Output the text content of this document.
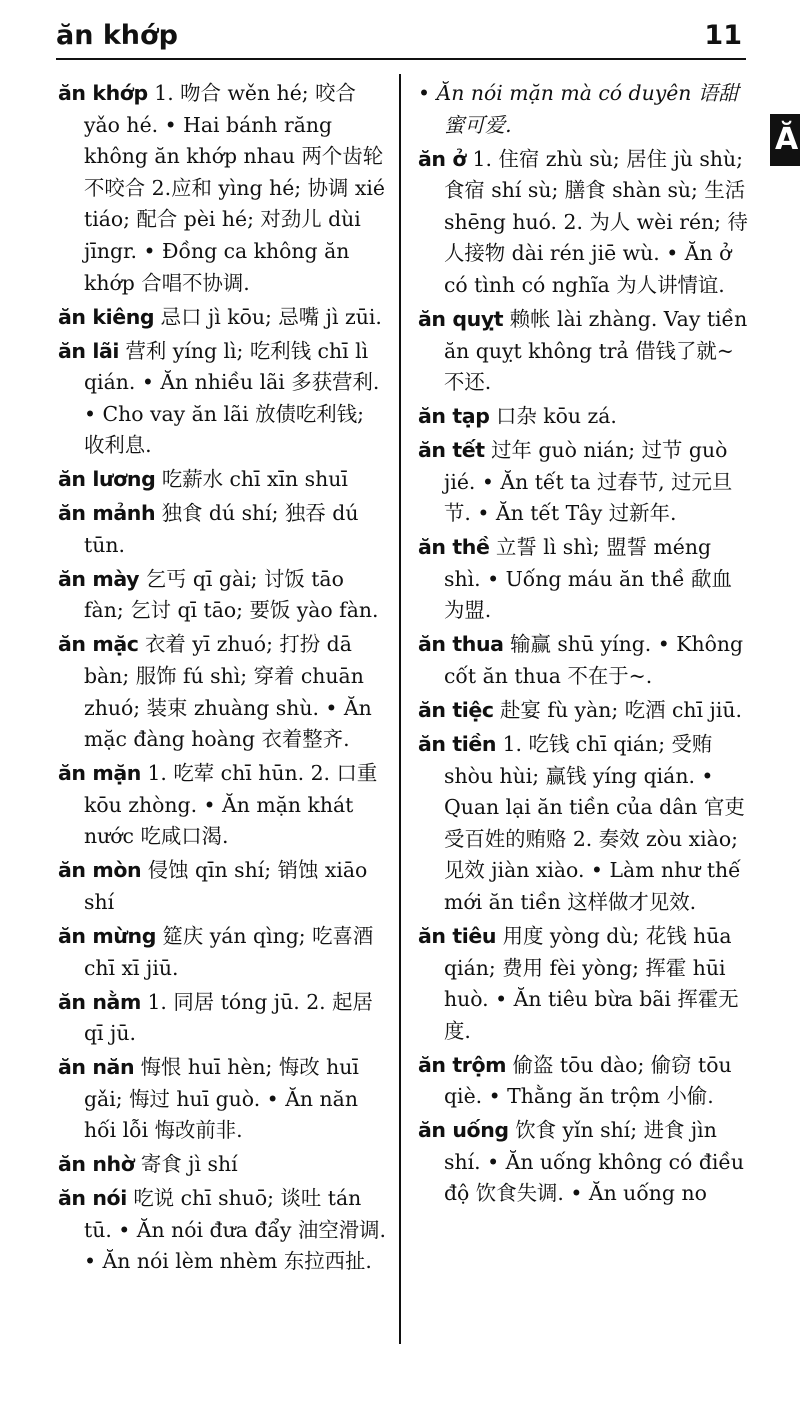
ăn khớp	11
ăn khớp 1. 吻合 wěn hé; 咬合 yǎo hé. • Hai bánh răng không ăn khớp nhau 两个齿轮不咬合 2.应和 yìng hé; 协调 xié tiáo; 配合 pèi hé; 对劲儿 dùi jīngr. • Đồng ca không ăn khớp 合唱不协调.
ăn kiêng 忌口 jì kōu; 忌嘴 jì zūi.
ăn lãi 营利 yíng lì; 吃利钱 chī lì qián. • Ăn nhiều lãi 多获营利. • Cho vay ăn lãi 放债吃利钱; 收利息.
ăn lương 吃薪水 chī xīn shuī
ăn mảnh 独食 dú shí; 独吞 dú tūn.
ăn mày 乞丐 qī gài; 讨饭 tāo fàn; 乞讨 qī tāo; 要饭 yào fàn.
ăn mặc 衣着 yī zhuó; 打扮 dā bàn; 服饰 fú shì; 穿着 chuān zhuó; 装束 zhuàng shù. • Ăn mặc đàng hoàng 衣着整齐.
ăn mặn 1. 吃荤 chī hūn. 2. 口重 kōu zhòng. • Ăn mặn khát nước 吃咸口渴.
ăn mòn 侵蚀 qīn shí; 销蚀 xiāo shí
ăn mừng 筵庆 yán qìng; 吃喜酒 chī xī jiū.
ăn nằm 1. 同居 tóng jū. 2. 起居 qī jū.
ăn năn 悔恨 huī hèn; 悔改 huī gǎi; 悔过 huī guò. • Ăn năn hối lỗi 悔改前非.
ăn nhờ 寄食 jì shí
ăn nói 吃说 chī shuō; 谈吐 tán tū. • Ăn nói đưa đẩy 油空滑调. • Ăn nói lèm nhèm 东拉西扯.
• Ăn nói mặn mà có duyên 语甜蜜可爱.
ăn ở 1. 住宿 zhù sù; 居住 jù shù; 食宿 shí sù; 膳食 shàn sù; 生活 shēng huó. 2. 为人 wèi rén; 待人接物 dài rén jiē wù. • Ăn ở có tình có nghĩa 为人讲情谊.
ăn quỵt 赖帐 lài zhàng. Vay tiền ăn quỵt không trả 借钱了就~不还.
ăn tạp 口杂 kōu zá.
ăn tết 过年 guò nián; 过节 guò jié. • Ăn tết ta 过春节, 过元旦节. • Ăn tết Tây 过新年.
ăn thề 立誓 lì shì; 盟誓 méng shì. • Uống máu ăn thề 歃血为盟.
ăn thua 输赢 shū yíng. • Không cốt ăn thua 不在于~.
ăn tiệc 赴宴 fù yàn; 吃酒 chī jiū.
ăn tiền 1. 吃钱 chī qián; 受贿 shòu hùi; 赢钱 yíng qián. • Quan lại ăn tiền của dân 官吏受百姓的贿赂 2. 奏效 zòu xiào; 见效 jiàn xiào. • Làm như thế mới ăn tiền 这样做才见效.
ăn tiêu 用度 yòng dù; 花钱 hūa qián; 费用 fèi yòng; 挥霍 hūi huò. • Ăn tiêu bừa bãi 挥霍无度.
ăn trộm 偷盗 tōu dào; 偷窃 tōu qiè. • Thằng ăn trộm 小偷.
ăn uống 饮食 yǐn shí; 进食 jìn shí. • Ăn uống không có điều độ 饮食失调. • Ăn uống no
Ă
